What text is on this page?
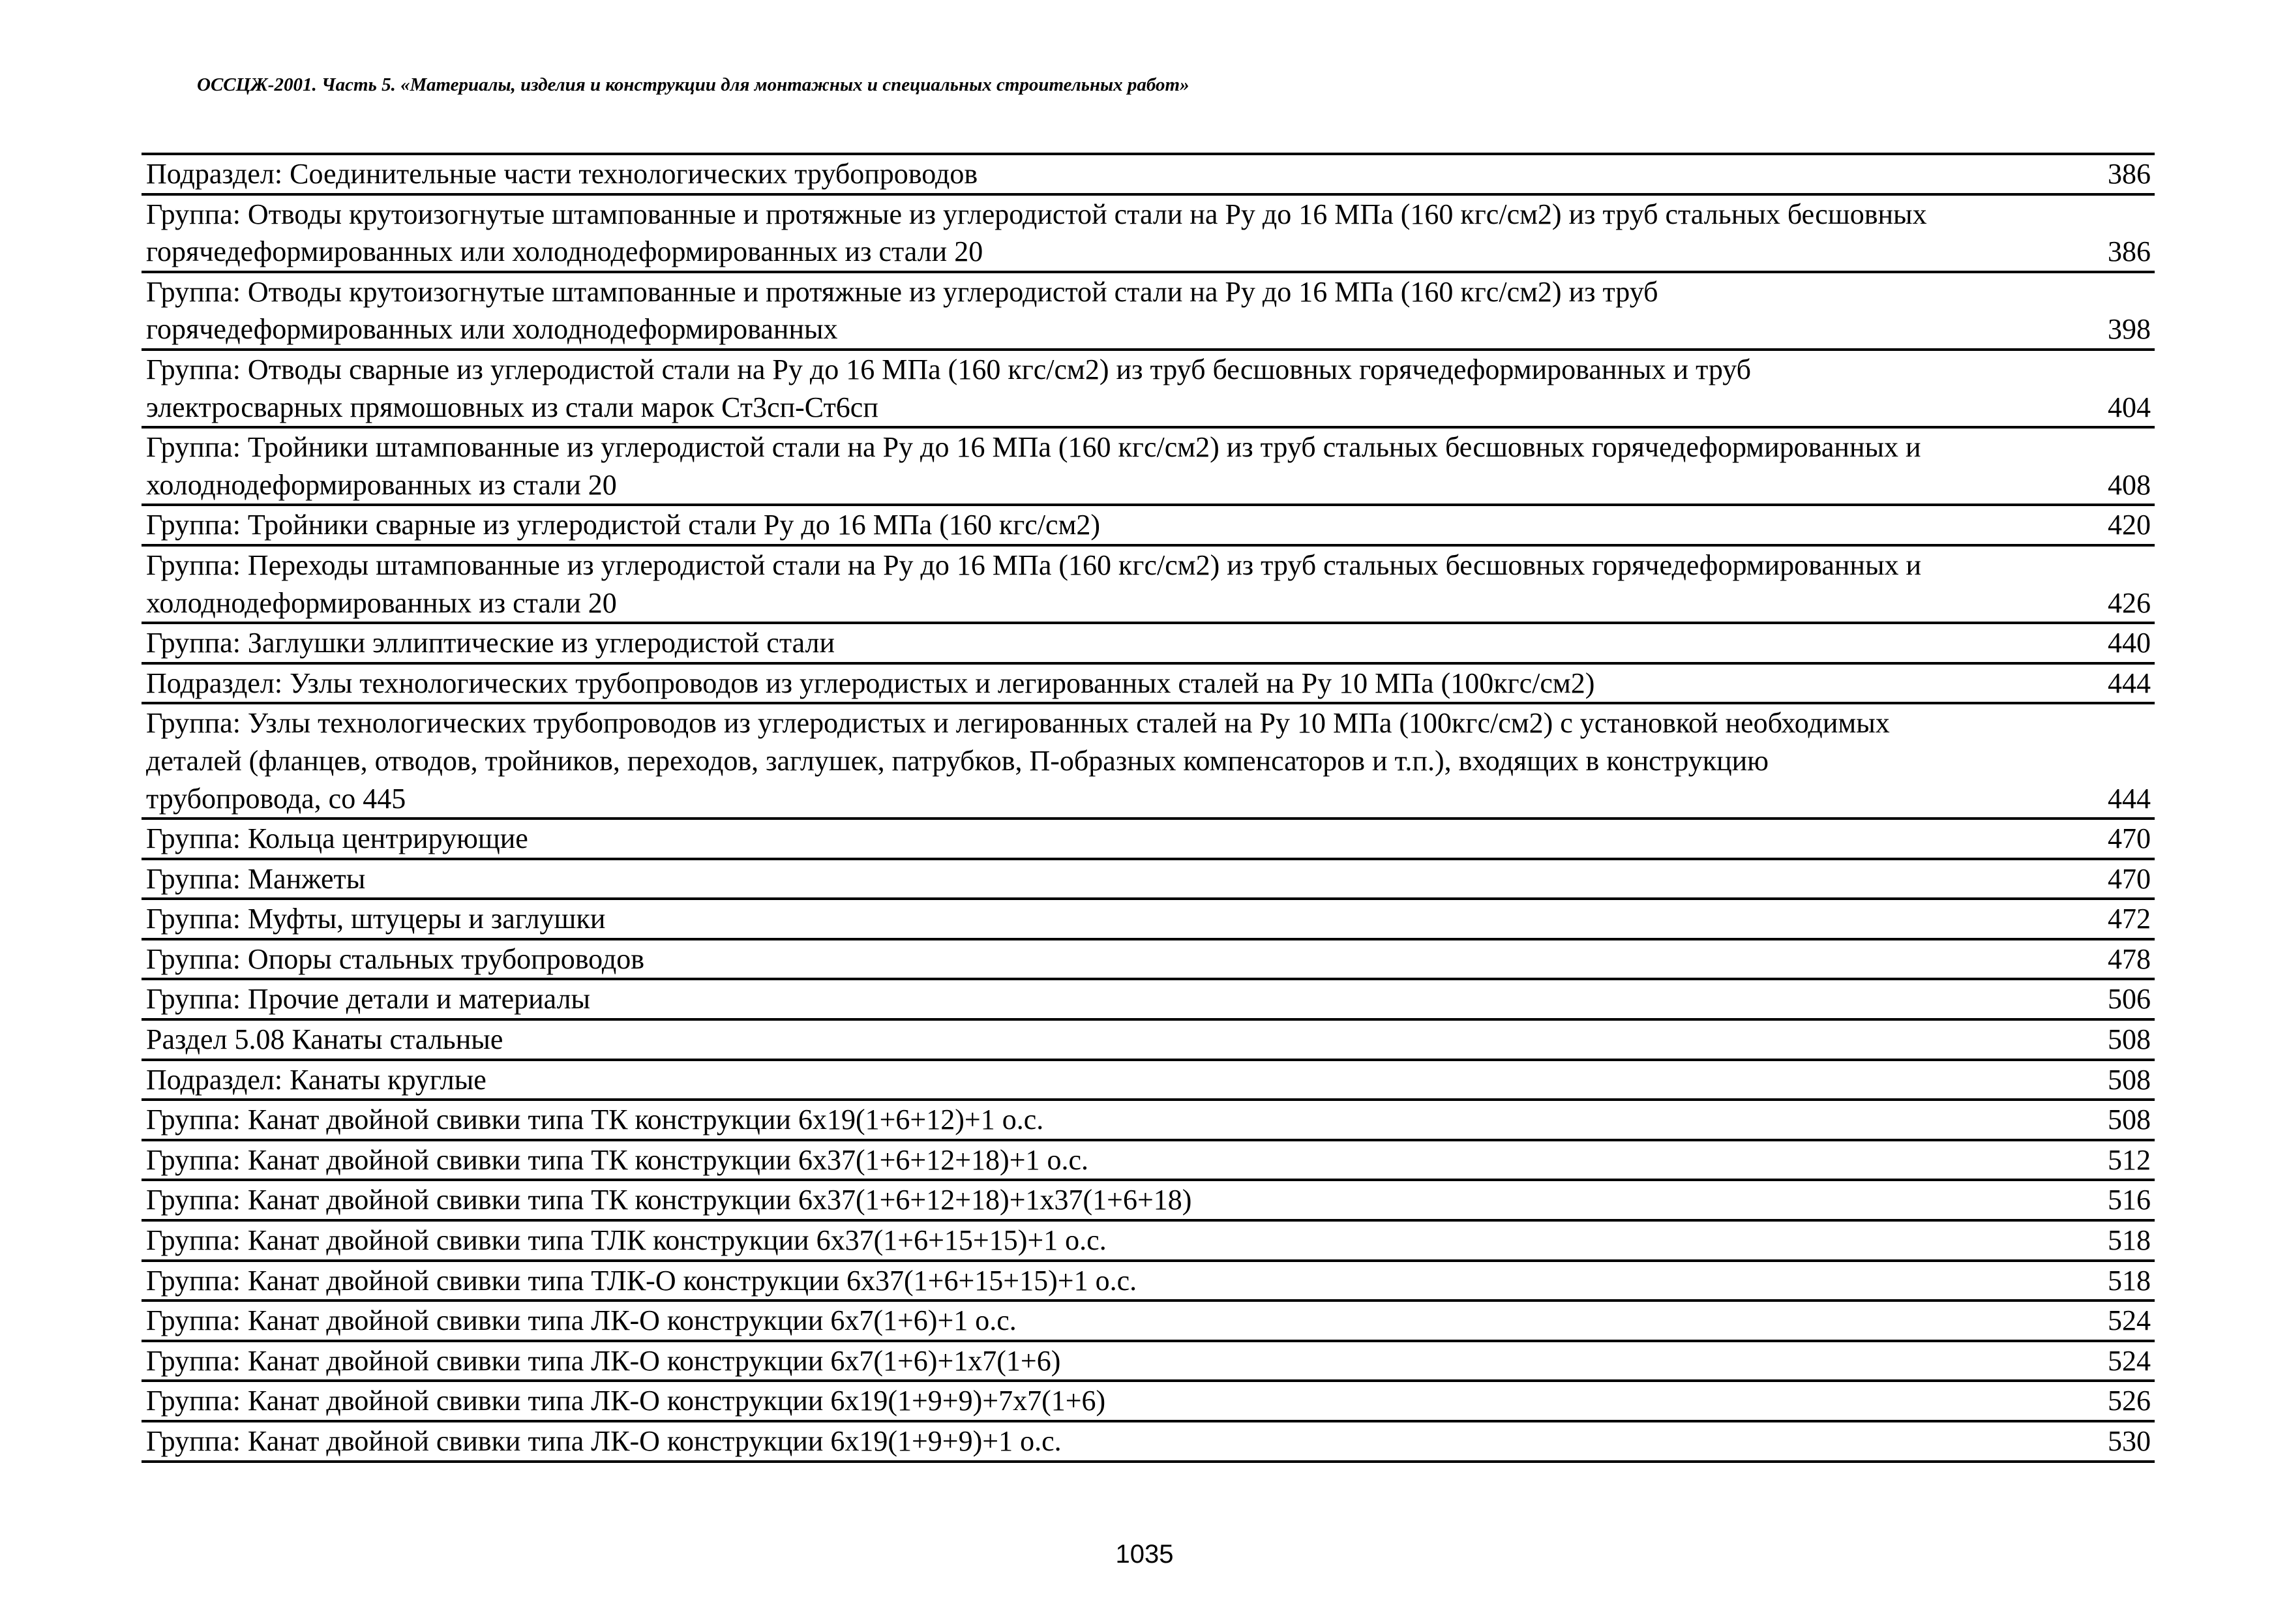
ОССЦЖ-2001. Часть 5. «Материалы, изделия и конструкции для монтажных и специальных строительных работ»
Подраздел: Соединительные части технологических трубопроводов	386
Группа: Отводы крутоизогнутые штампованные и протяжные из углеродистой стали на Ру до 16 МПа (160 кгс/см2) из труб стальных бесшовных горячедеформированных или холоднодеформированных из стали 20	386
Группа: Отводы крутоизогнутые штампованные и протяжные из углеродистой стали на Ру до 16 МПа (160 кгс/см2) из труб горячедеформированных или холоднодеформированных	398
Группа: Отводы сварные из углеродистой стали на Ру до 16 МПа (160 кгс/см2) из труб бесшовных горячедеформированных и труб электросварных прямошовных из стали марок Ст3сп-Ст6сп	404
Группа: Тройники штампованные из углеродистой стали на Ру до 16 МПа (160 кгс/см2) из труб стальных бесшовных горячедеформированных и холоднодеформированных из стали 20	408
Группа: Тройники сварные из углеродистой стали Ру до 16 МПа (160 кгс/см2)	420
Группа: Переходы штампованные из углеродистой стали на Ру до 16 МПа (160 кгс/см2) из труб стальных бесшовных горячедеформированных и холоднодеформированных из стали 20	426
Группа: Заглушки эллиптические из углеродистой стали	440
Подраздел: Узлы технологических трубопроводов из углеродистых и легированных сталей на Ру 10 МПа (100кгс/см2)	444
Группа: Узлы технологических трубопроводов из углеродистых и легированных сталей на Ру 10 МПа (100кгс/см2) с установкой необходимых деталей (фланцев, отводов, тройников, переходов, заглушек, патрубков, П-образных компенсаторов и т.п.), входящих в конструкцию трубопровода, со 445	444
Группа: Кольца центрирующие	470
Группа: Манжеты	470
Группа: Муфты, штуцеры и заглушки	472
Группа: Опоры стальных трубопроводов	478
Группа: Прочие детали и материалы	506
Раздел 5.08 Канаты стальные	508
Подраздел: Канаты круглые	508
Группа: Канат двойной свивки типа ТК конструкции 6х19(1+6+12)+1 о.с.	508
Группа: Канат двойной свивки типа ТК конструкции 6х37(1+6+12+18)+1 о.с.	512
Группа: Канат двойной свивки типа ТК конструкции 6х37(1+6+12+18)+1х37(1+6+18)	516
Группа: Канат двойной свивки типа ТЛК конструкции 6х37(1+6+15+15)+1 о.с.	518
Группа: Канат двойной свивки типа ТЛК-О конструкции 6х37(1+6+15+15)+1 о.с.	518
Группа: Канат двойной свивки типа ЛК-О конструкции 6х7(1+6)+1 о.с.	524
Группа: Канат двойной свивки типа ЛК-О конструкции 6х7(1+6)+1х7(1+6)	524
Группа: Канат двойной свивки типа ЛК-О конструкции 6х19(1+9+9)+7х7(1+6)	526
Группа: Канат двойной свивки типа ЛК-О конструкции 6х19(1+9+9)+1 о.с.	530
1035
